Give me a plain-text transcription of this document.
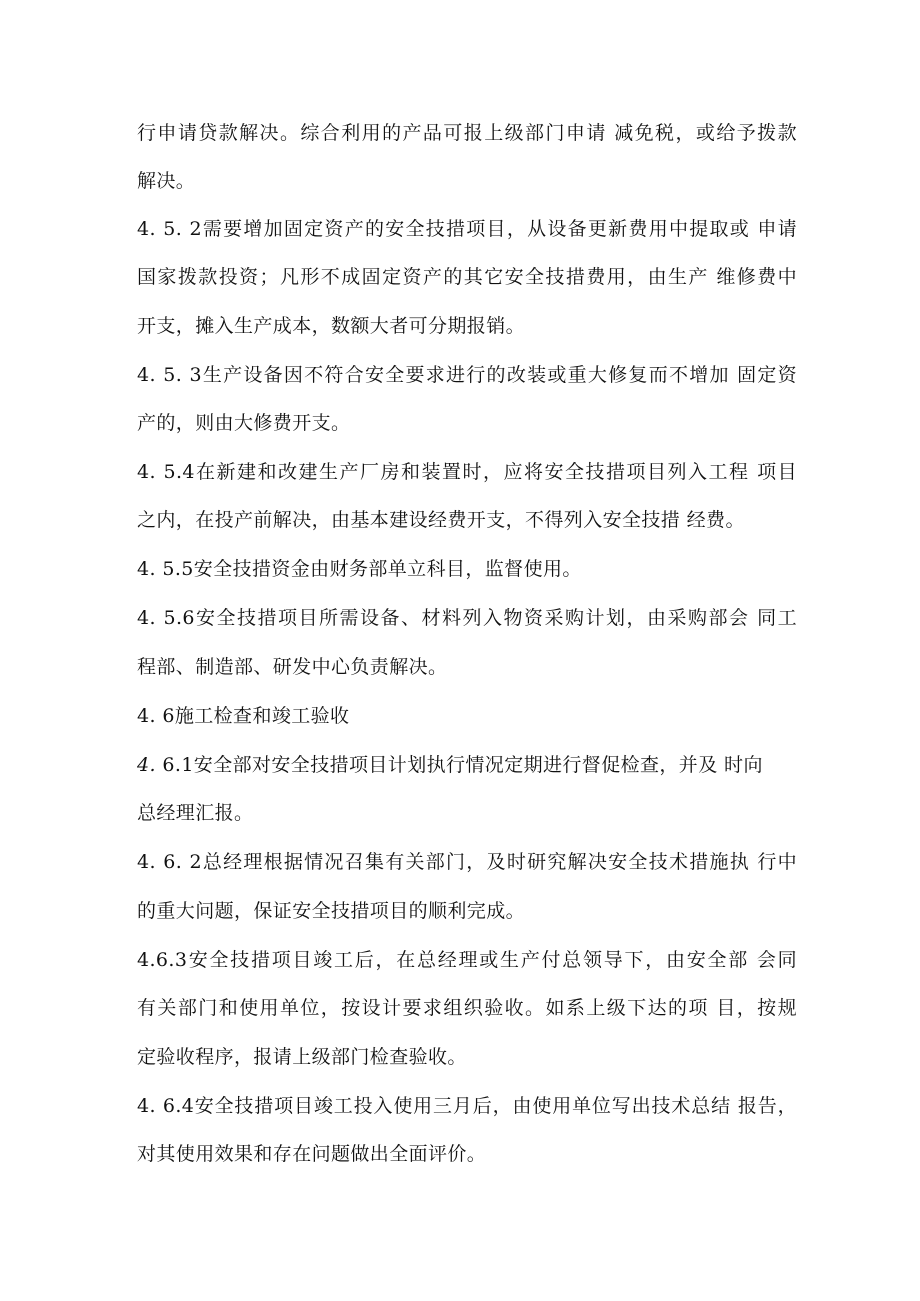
行申请贷款解决。综合利用的产品可报上级部门申请 减免税，或给予拨款
解决。
4. 5. 2需要增加固定资产的安全技措项目，从设备更新费用中提取或 申请
国家拨款投资；凡形不成固定资产的其它安全技措费用，由生产 维修费中
开支，摊入生产成本，数额大者可分期报销。
4. 5. 3生产设备因不符合安全要求进行的改装或重大修复而不增加 固定资
产的，则由大修费开支。
4. 5.4在新建和改建生产厂房和装置时，应将安全技措项目列入工程 项目
之内，在投产前解决，由基本建设经费开支，不得列入安全技措 经费。
4. 5.5安全技措资金由财务部单立科目，监督使用。
4. 5.6安全技措项目所需设备、材料列入物资采购计划，由采购部会 同工
程部、制造部、研发中心负责解决。
4. 6施工检查和竣工验收
4. 6.1安全部对安全技措项目计划执行情况定期进行督促检查，并及 时向
总经理汇报。
4. 6. 2总经理根据情况召集有关部门，及时研究解决安全技术措施执 行中
的重大问题，保证安全技措项目的顺利完成。
4.6.3安全技措项目竣工后，在总经理或生产付总领导下，由安全部 会同
有关部门和使用单位，按设计要求组织验收。如系上级下达的项 目，按规
定验收程序，报请上级部门检查验收。
4. 6.4安全技措项目竣工投入使用三月后，由使用单位写出技术总结 报告，
对其使用效果和存在问题做出全面评价。
